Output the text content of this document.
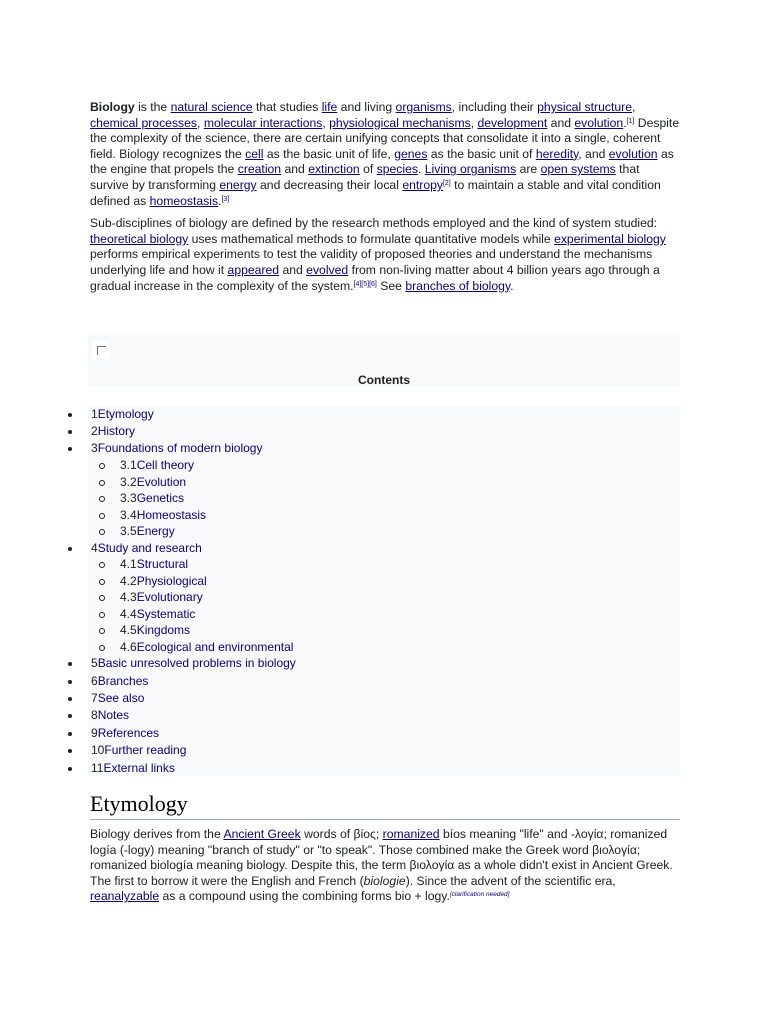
Biology is the natural science that studies life and living organisms, including their physical structure, chemical processes, molecular interactions, physiological mechanisms, development and evolution.[1] Despite the complexity of the science, there are certain unifying concepts that consolidate it into a single, coherent field. Biology recognizes the cell as the basic unit of life, genes as the basic unit of heredity, and evolution as the engine that propels the creation and extinction of species. Living organisms are open systems that survive by transforming energy and decreasing their local entropy[2] to maintain a stable and vital condition defined as homeostasis.[3]

Sub-disciplines of biology are defined by the research methods employed and the kind of system studied: theoretical biology uses mathematical methods to formulate quantitative models while experimental biology performs empirical experiments to test the validity of proposed theories and understand the mechanisms underlying life and how it appeared and evolved from non-living matter about 4 billion years ago through a gradual increase in the complexity of the system.[4][5][6] See branches of biology.

Contents
1Etymology
2History
3Foundations of modern biology
3.1Cell theory
3.2Evolution
3.3Genetics
3.4Homeostasis
3.5Energy
4Study and research
4.1Structural
4.2Physiological
4.3Evolutionary
4.4Systematic
4.5Kingdoms
4.6Ecological and environmental
5Basic unresolved problems in biology
6Branches
7See also
8Notes
9References
10Further reading
11External links
Etymology

Biology derives from the Ancient Greek words of βίος; romanized bíos meaning "life" and -λογία; romanized logía (-logy) meaning "branch of study" or "to speak". Those combined make the Greek word βιολογία; romanized biología meaning biology. Despite this, the term βιολογία as a whole didn't exist in Ancient Greek. The first to borrow it were the English and French (biologie). Since the advent of the scientific era, reanalyzable as a compound using the combining forms bio + logy.[clarification needed]
